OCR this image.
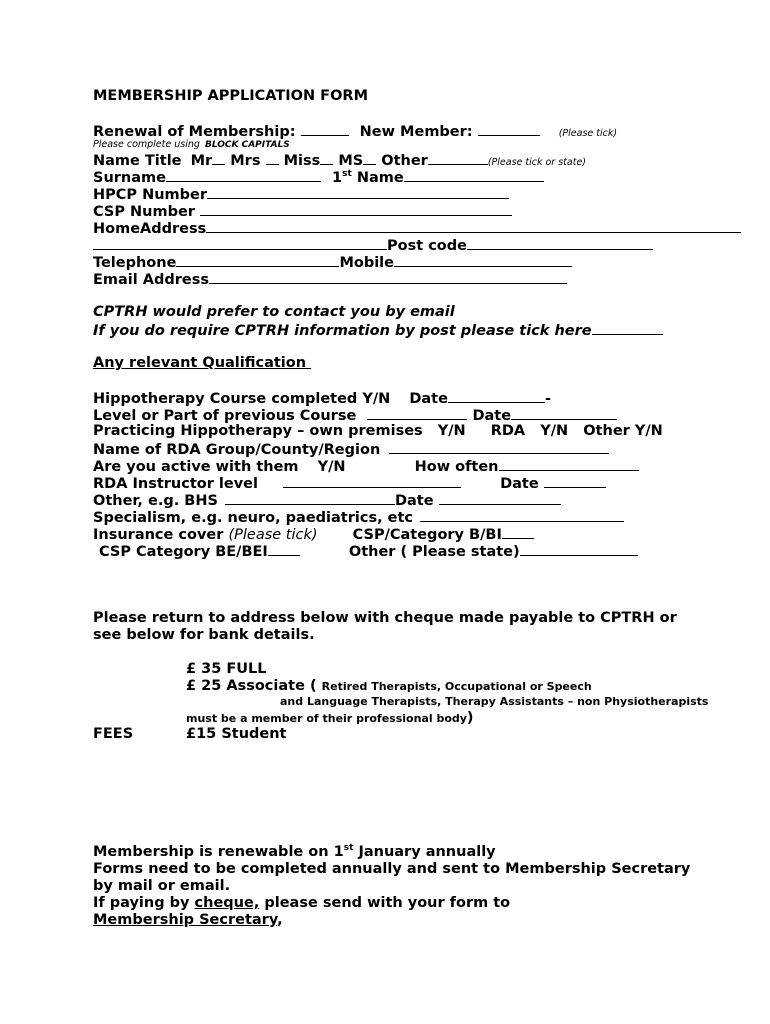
MEMBERSHIP APPLICATION FORM
Renewal of Membership:	New Member:	(Please tick)
Please complete using BLOCK CAPITALS
Name Title Mr Mrs Miss MS Other	(Please tick or state)
Surname	1st Name
HPCP Number
CSP Number
HomeAddress
Post code
Telephone	Mobile
Email Address
CPTRH would prefer to contact you by email
If you do require CPTRH information by post please tick here
Any relevant Qualification
Hippotherapy Course completed Y/N Date	-
Level or Part of previous Course	Date
Practicing Hippotherapy – own premises Y/N RDA Y/N Other Y/N
Name of RDA Group/County/Region
Are you active with them Y/N	How often
RDA Instructor level	Date
Other, e.g. BHS	Date
Specialism, e.g. neuro, paediatrics, etc
Insurance cover (Please tick) CSP/Category B/BI
CSP Category BE/BEI	Other ( Please state)
Please return to address below with cheque made payable to CPTRH or
see below for bank details.
£ 35 FULL
£ 25 Associate ( Retired Therapists, Occupational or Speech
and Language Therapists, Therapy Assistants – non Physiotherapists
must be a member of their professional body)
FEES	£15 Student
Membership is renewable on 1st January annually
Forms need to be completed annually and sent to Membership Secretary
by mail or email.
If paying by cheque, please send with your form to
Membership Secretary,
